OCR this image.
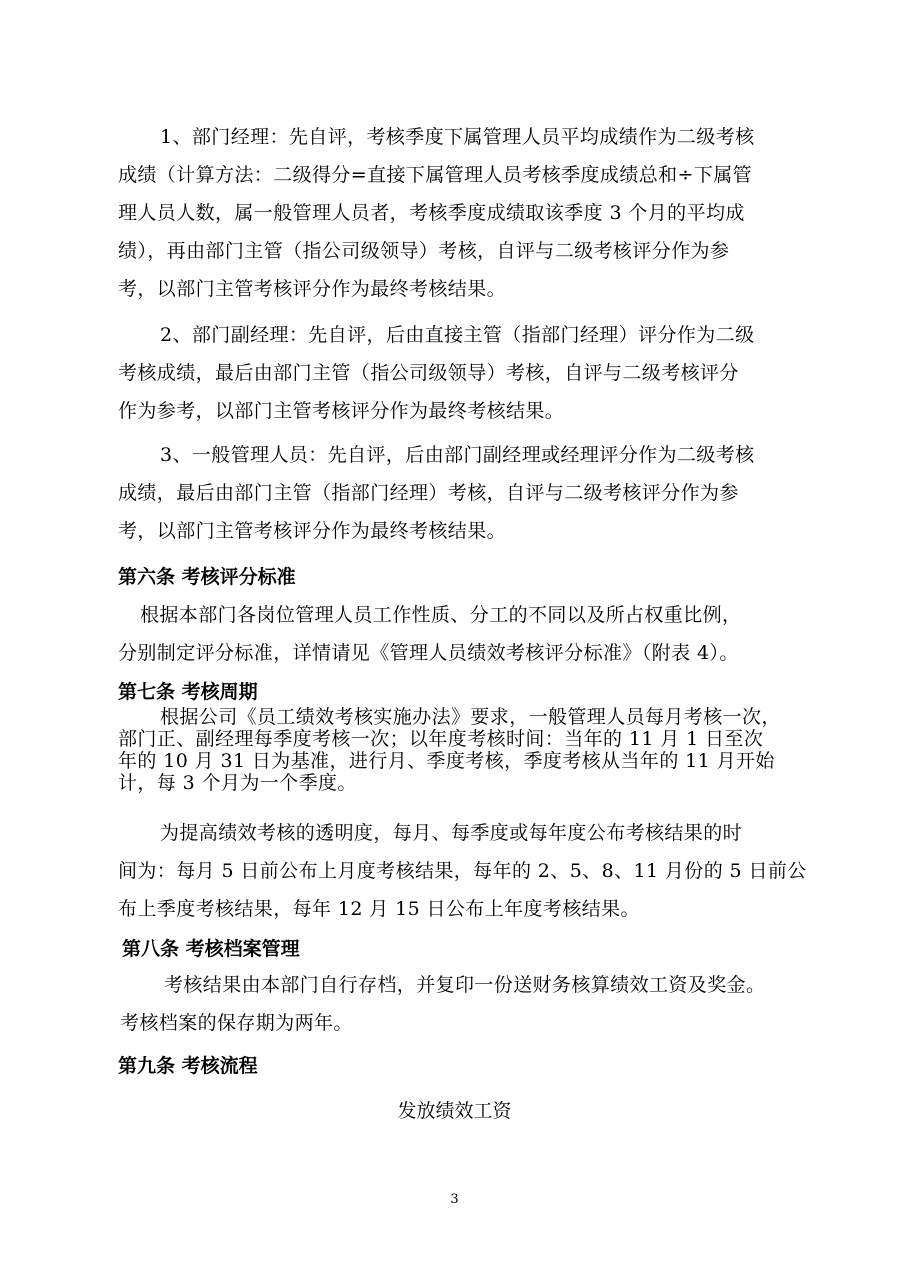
1、部门经理：先自评，考核季度下属管理人员平均成绩作为二级考核
成绩（计算方法：二级得分=直接下属管理人员考核季度成绩总和÷下属管
理人员人数，属一般管理人员者，考核季度成绩取该季度 3 个月的平均成
绩），再由部门主管（指公司级领导）考核，自评与二级考核评分作为参
考，以部门主管考核评分作为最终考核结果。
2、部门副经理：先自评，后由直接主管（指部门经理）评分作为二级
考核成绩，最后由部门主管（指公司级领导）考核，自评与二级考核评分
作为参考，以部门主管考核评分作为最终考核结果。
3、一般管理人员：先自评，后由部门副经理或经理评分作为二级考核
成绩，最后由部门主管（指部门经理）考核，自评与二级考核评分作为参
考，以部门主管考核评分作为最终考核结果。
第六条 考核评分标准
根据本部门各岗位管理人员工作性质、分工的不同以及所占权重比例，
分别制定评分标准，详情请见《管理人员绩效考核评分标准》（附表 4）。
第七条 考核周期
根据公司《员工绩效考核实施办法》要求，一般管理人员每月考核一次，
部门正、副经理每季度考核一次；以年度考核时间：当年的 11 月 1 日至次
年的 10 月 31 日为基准，进行月、季度考核，季度考核从当年的 11 月开始
计，每 3 个月为一个季度。
为提高绩效考核的透明度，每月、每季度或每年度公布考核结果的时
间为：每月 5 日前公布上月度考核结果，每年的 2、5、8、11 月份的 5 日前公
布上季度考核结果，每年 12 月 15 日公布上年度考核结果。
第八条 考核档案管理
考核结果由本部门自行存档，并复印一份送财务核算绩效工资及奖金。
考核档案的保存期为两年。
第九条 考核流程

发放绩效工资

3
